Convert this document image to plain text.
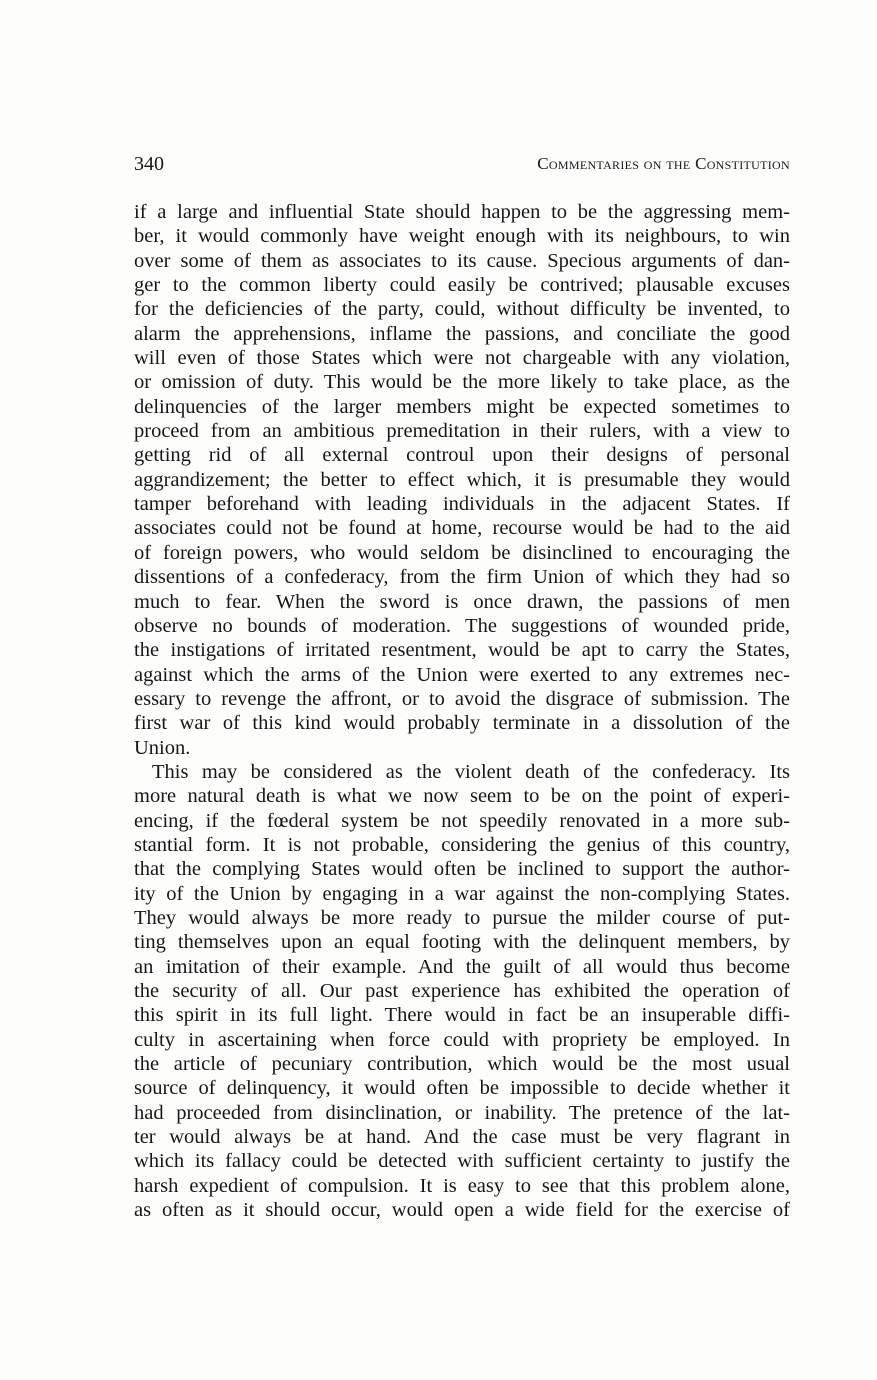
340	Commentaries on the Constitution

if a large and influential State should happen to be the aggressing mem-
ber, it would commonly have weight enough with its neighbours, to win
over some of them as associates to its cause. Specious arguments of dan-
ger to the common liberty could easily be contrived; plausable excuses
for the deficiencies of the party, could, without difficulty be invented, to
alarm the apprehensions, inflame the passions, and conciliate the good
will even of those States which were not chargeable with any violation,
or omission of duty. This would be the more likely to take place, as the
delinquencies of the larger members might be expected sometimes to
proceed from an ambitious premeditation in their rulers, with a view to
getting rid of all external controul upon their designs of personal
aggrandizement; the better to effect which, it is presumable they would
tamper beforehand with leading individuals in the adjacent States. If
associates could not be found at home, recourse would be had to the aid
of foreign powers, who would seldom be disinclined to encouraging the
dissentions of a confederacy, from the firm Union of which they had so
much to fear. When the sword is once drawn, the passions of men
observe no bounds of moderation. The suggestions of wounded pride,
the instigations of irritated resentment, would be apt to carry the States,
against which the arms of the Union were exerted to any extremes nec-
essary to revenge the affront, or to avoid the disgrace of submission. The
first war of this kind would probably terminate in a dissolution of the
Union.

This may be considered as the violent death of the confederacy. Its
more natural death is what we now seem to be on the point of experi-
encing, if the fœderal system be not speedily renovated in a more sub-
stantial form. It is not probable, considering the genius of this country,
that the complying States would often be inclined to support the author-
ity of the Union by engaging in a war against the non-complying States.
They would always be more ready to pursue the milder course of put-
ting themselves upon an equal footing with the delinquent members, by
an imitation of their example. And the guilt of all would thus become
the security of all. Our past experience has exhibited the operation of
this spirit in its full light. There would in fact be an insuperable diffi-
culty in ascertaining when force could with propriety be employed. In
the article of pecuniary contribution, which would be the most usual
source of delinquency, it would often be impossible to decide whether it
had proceeded from disinclination, or inability. The pretence of the lat-
ter would always be at hand. And the case must be very flagrant in
which its fallacy could be detected with sufficient certainty to justify the
harsh expedient of compulsion. It is easy to see that this problem alone,
as often as it should occur, would open a wide field for the exercise of
